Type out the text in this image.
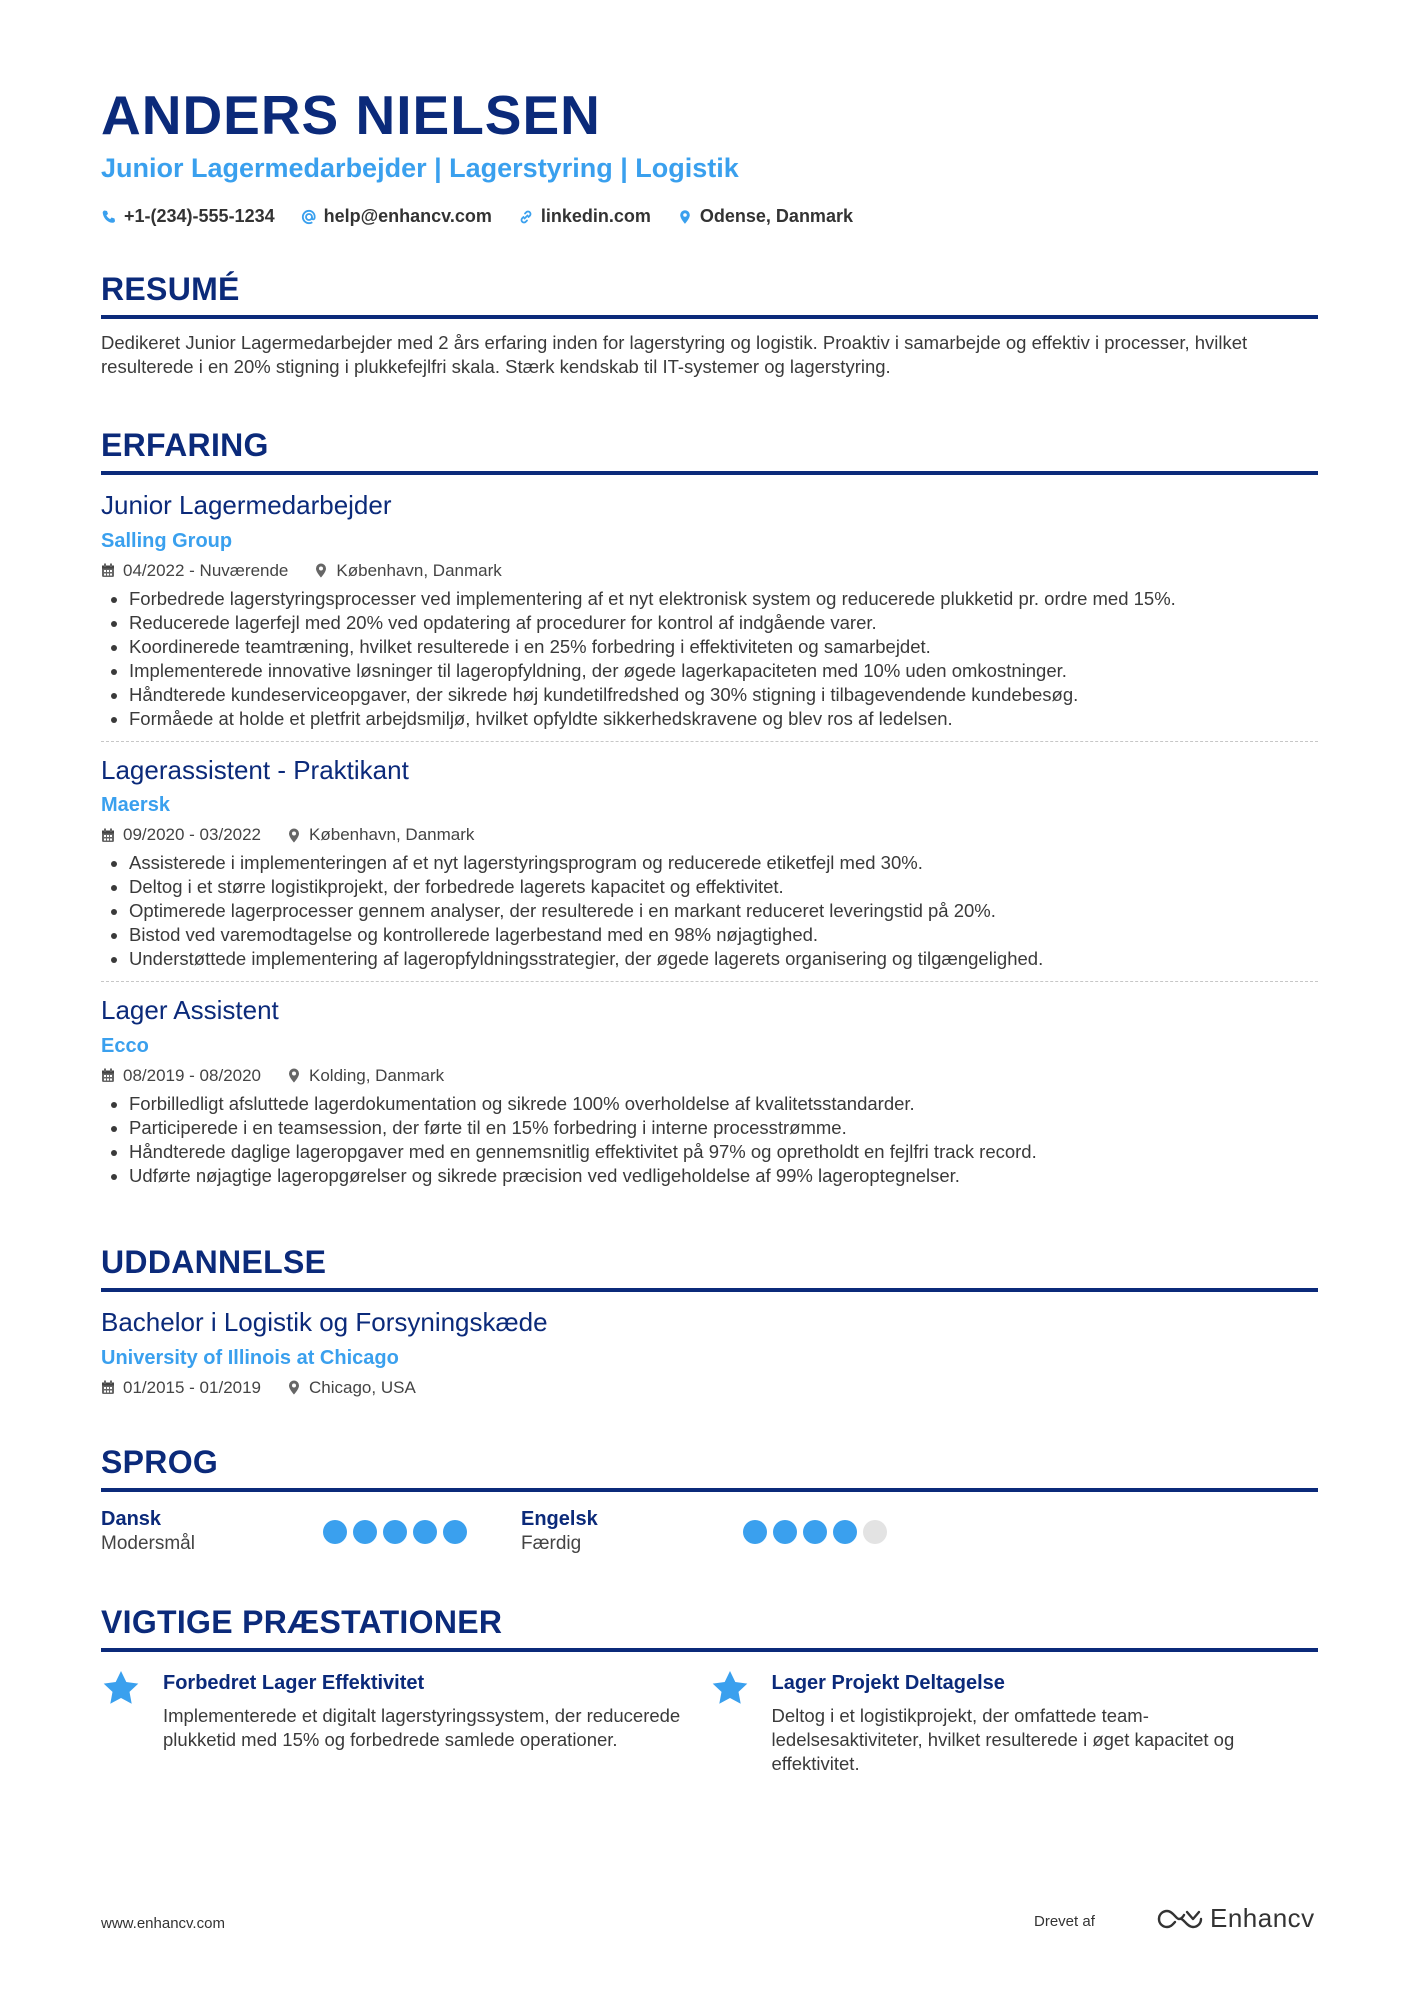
ANDERS NIELSEN
Junior Lagermedarbejder | Lagerstyring | Logistik
+1-(234)-555-1234	help@enhancv.com	linkedin.com	Odense, Danmark
RESUMÉ
Dedikeret Junior Lagermedarbejder med 2 års erfaring inden for lagerstyring og logistik. Proaktiv i samarbejde og effektiv i processer, hvilket resulterede i en 20% stigning i plukkefejlfri skala. Stærk kendskab til IT-systemer og lagerstyring.
ERFARING
Junior Lagermedarbejder
Salling Group
04/2022 - Nuværende	København, Danmark
• Forbedrede lagerstyringsprocesser ved implementering af et nyt elektronisk system og reducerede plukketid pr. ordre med 15%.
• Reducerede lagerfejl med 20% ved opdatering af procedurer for kontrol af indgående varer.
• Koordinerede teamtræning, hvilket resulterede i en 25% forbedring i effektiviteten og samarbejdet.
• Implementerede innovative løsninger til lageropfyldning, der øgede lagerkapaciteten med 10% uden omkostninger.
• Håndterede kundeserviceopgaver, der sikrede høj kundetilfredshed og 30% stigning i tilbagevendende kundebesøg.
• Formåede at holde et pletfrit arbejdsmiljø, hvilket opfyldte sikkerhedskravene og blev ros af ledelsen.
Lagerassistent - Praktikant
Maersk
09/2020 - 03/2022	København, Danmark
• Assisterede i implementeringen af et nyt lagerstyringsprogram og reducerede etiketfejl med 30%.
• Deltog i et større logistikprojekt, der forbedrede lagerets kapacitet og effektivitet.
• Optimerede lagerprocesser gennem analyser, der resulterede i en markant reduceret leveringstid på 20%.
• Bistod ved varemodtagelse og kontrollerede lagerbestand med en 98% nøjagtighed.
• Understøttede implementering af lageropfyldningsstrategier, der øgede lagerets organisering og tilgængelighed.
Lager Assistent
Ecco
08/2019 - 08/2020	Kolding, Danmark
• Forbilledligt afsluttede lagerdokumentation og sikrede 100% overholdelse af kvalitetsstandarder.
• Participerede i en teamsession, der førte til en 15% forbedring i interne processtrømme.
• Håndterede daglige lageropgaver med en gennemsnitlig effektivitet på 97% og opretholdt en fejlfri track record.
• Udførte nøjagtige lageropgørelser og sikrede præcision ved vedligeholdelse af 99% lageroptegnelser.
UDDANNELSE
Bachelor i Logistik og Forsyningskæde
University of Illinois at Chicago
01/2015 - 01/2019	Chicago, USA
SPROG
Dansk
Modersmål
Engelsk
Færdig
VIGTIGE PRÆSTATIONER
Forbedret Lager Effektivitet
Implementerede et digitalt lagerstyringssystem, der reducerede plukketid med 15% og forbedrede samlede operationer.
Lager Projekt Deltagelse
Deltog i et logistikprojekt, der omfattede team-ledelsesaktiviteter, hvilket resulterede i øget kapacitet og effektivitet.
www.enhancv.com	Drevet af	Enhancv
